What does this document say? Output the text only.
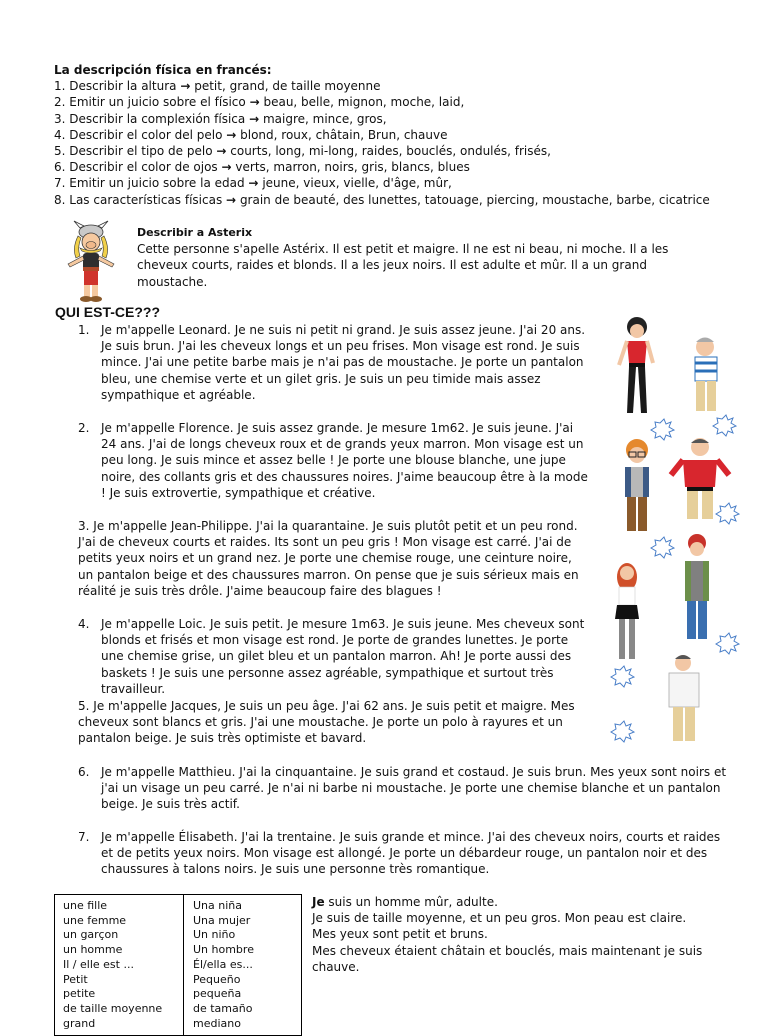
La descripción física en francés:
1. Describir la altura → petit, grand, de taille moyenne
2. Emitir un juicio sobre el físico → beau, belle, mignon, moche, laid,
3. Describir la complexión física → maigre, mince, gros,
4. Describir el color del pelo → blond, roux, châtain, Brun, chauve
5. Describir el tipo de pelo → courts, long, mi-long, raides, bouclés, ondulés, frisés,
6. Describir el color de ojos → verts, marron, noirs, gris, blancs, blues
7. Emitir un juicio sobre la edad → jeune, vieux, vielle, d'âge, mûr,
8. Las características físicas → grain de beauté, des lunettes, tatouage, piercing, moustache, barbe, cicatrice
Describir a Asterix
Cette personne s'apelle Astérix. Il est petit et maigre. Il ne est ni beau, ni moche. Il a les cheveux courts, raides et blonds. Il a les jeux noirs. Il est adulte et mûr. Il a un grand moustache.
QUI EST-CE???
1. Je m'appelle Leonard. Je ne suis ni petit ni grand. Je suis assez jeune. J'ai 20 ans. Je suis brun. J'ai les cheveux longs et un peu frises. Mon visage est rond. Je suis mince. J'ai une petite barbe mais je n'ai pas de moustache. Je porte un pantalon bleu, une chemise verte et un gilet gris. Je suis un peu timide mais assez sympathique et agréable.
2. Je m'appelle Florence. Je suis assez grande. Je mesure 1m62. Je suis jeune. J'ai 24 ans. J'ai de longs cheveux roux et de grands yeux marron. Mon visage est un peu long. Je suis mince et assez belle ! Je porte une blouse blanche, une jupe noire, des collants gris et des chaussures noires. J'aime beaucoup être à la mode ! Je suis extrovertie, sympathique et créative.
3. Je m'appelle Jean-Philippe. J'ai la quarantaine. Je suis plutôt petit et un peu rond. J'ai de cheveux courts et raides. Its sont un peu gris ! Mon visage est carré. J'ai de petits yeux noirs et un grand nez. Je porte une chemise rouge, une ceinture noire, un pantalon beige et des chaussures marron. On pense que je suis sérieux mais en réalité je suis très drôle. J'aime beaucoup faire des blagues !
4. Je m'appelle Loic. Je suis petit. Je mesure 1m63. Je suis jeune. Mes cheveux sont blonds et frisés et mon visage est rond. Je porte de grandes lunettes. Je porte une chemise grise, un gilet bleu et un pantalon marron. Ah! Je porte aussi des baskets ! Je suis une personne assez agréable, sympathique et surtout très travailleur.
5. Je m'appelle Jacques, Je suis un peu âge. J'ai 62 ans. Je suis petit et maigre. Mes cheveux sont blancs et gris. J'ai une moustache. Je porte un polo à rayures et un pantalon beige. Je suis très optimiste et bavard.
6. Je m'appelle Matthieu. J'ai la cinquantaine. Je suis grand et costaud. Je suis brun. Mes yeux sont noirs et j'ai un visage un peu carré. Je n'ai ni barbe ni moustache. Je porte une chemise blanche et un pantalon beige. Je suis très actif.
7. Je m'appelle Élisabeth. J'ai la trentaine. Je suis grande et mince. J'ai des cheveux noirs, courts et raides et de petits yeux noirs. Mon visage est allongé. Je porte un débardeur rouge, un pantalon noir et des chaussures à talons noirs. Je suis une personne très romantique.
une fille
une femme
un garçon
un homme
Il / elle est ...
Petit
petite
de taille moyenne
grand
Una niña
Una mujer
Un niño
Un hombre
Él/ella es...
Pequeño
pequeña
de tamaño
mediano
Je suis un homme mûr, adulte.
Je suis de taille moyenne, et un peu gros. Mon peau est claire.
Mes yeux sont petit et bruns.
Mes cheveux étaient châtain et bouclés, mais maintenant je suis chauve.
